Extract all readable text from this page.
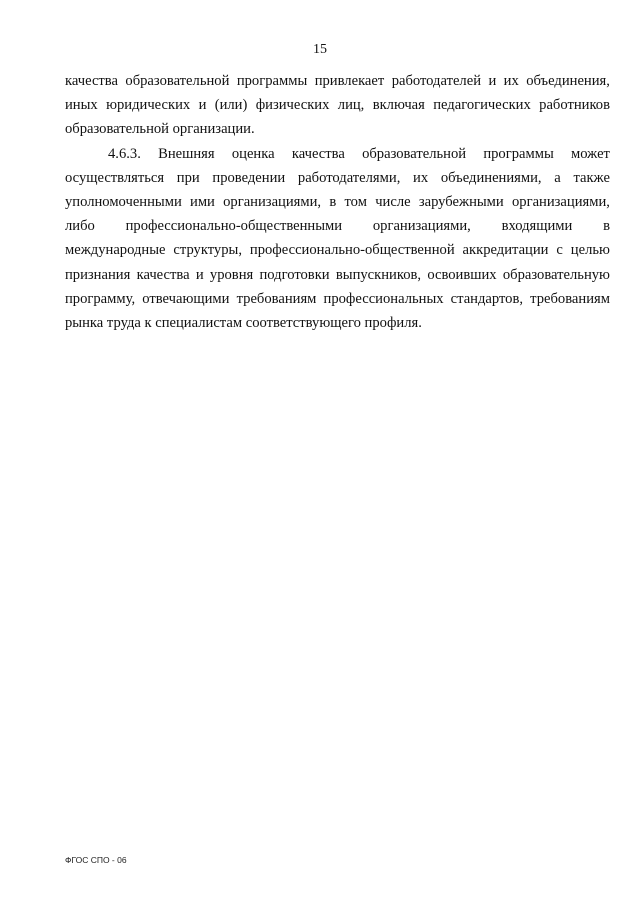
15
качества образовательной программы привлекает работодателей и их объединения,
иных юридических и (или) физических лиц, включая педагогических работников
образовательной организации.
4.6.3. Внешняя оценка качества образовательной программы может
осуществляться при проведении работодателями, их объединениями, а также
уполномоченными ими организациями, в том числе зарубежными организациями,
либо профессионально-общественными организациями, входящими в
международные структуры, профессионально-общественной аккредитации с целью
признания качества и уровня подготовки выпускников, освоивших образовательную
программу, отвечающими требованиям профессиональных стандартов, требованиям
рынка труда к специалистам соответствующего профиля.
ФГОС СПО - 06
